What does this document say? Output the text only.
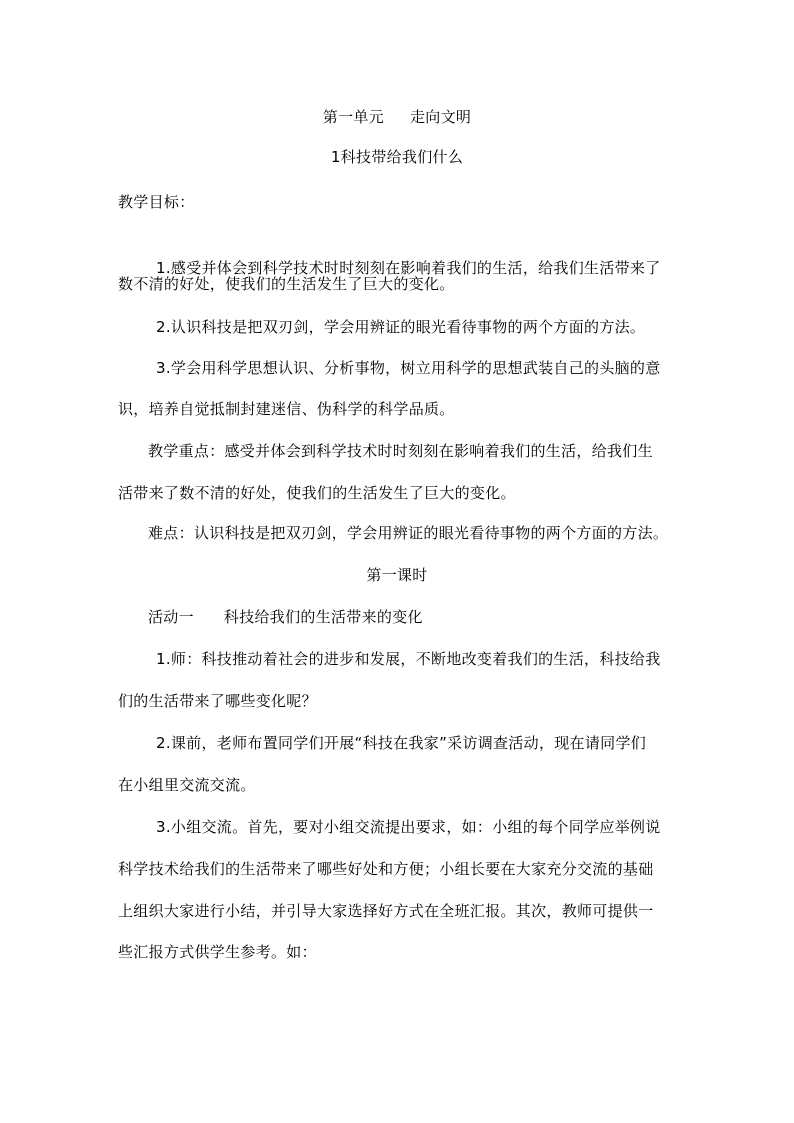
第一单元 走向文明
1科技带给我们什么
教学目标：
1.感受并体会到科学技术时时刻刻在影响着我们的生活，给我们生活带来了
数不清的好处，使我们的生活发生了巨大的变化。
2.认识科技是把双刃剑，学会用辨证的眼光看待事物的两个方面的方法。
3.学会用科学思想认识、分析事物，树立用科学的思想武装自己的头脑的意
识，培养自觉抵制封建迷信、伪科学的科学品质。
教学重点：感受并体会到科学技术时时刻刻在影响着我们的生活，给我们生
活带来了数不清的好处，使我们的生活发生了巨大的变化。
难点：认识科技是把双刃剑，学会用辨证的眼光看待事物的两个方面的方法。
第一课时
活动一 科技给我们的生活带来的变化
1.师：科技推动着社会的进步和发展，不断地改变着我们的生活，科技给我
们的生活带来了哪些变化呢？
2.课前，老师布置同学们开展“科技在我家”采访调查活动，现在请同学们
在小组里交流交流。
3.小组交流。首先，要对小组交流提出要求，如：小组的每个同学应举例说
科学技术给我们的生活带来了哪些好处和方便；小组长要在大家充分交流的基础
上组织大家进行小结，并引导大家选择好方式在全班汇报。其次，教师可提供一
些汇报方式供学生参考。如：
